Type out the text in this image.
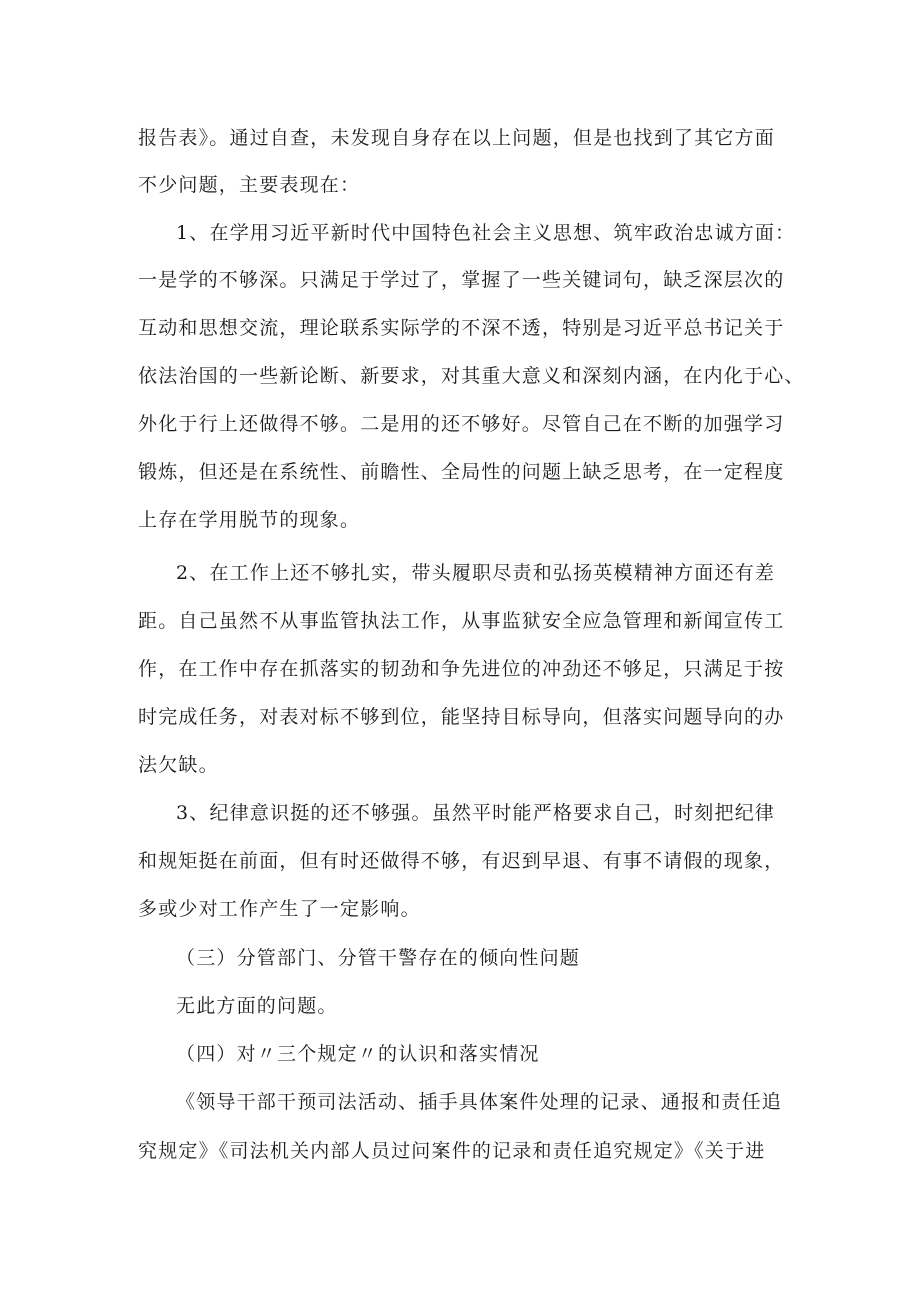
报告表》。通过自查，未发现自身存在以上问题，但是也找到了其它方面
不少问题，主要表现在：
1、在学用习近平新时代中国特色社会主义思想、筑牢政治忠诚方面：
一是学的不够深。只满足于学过了，掌握了一些关键词句，缺乏深层次的
互动和思想交流，理论联系实际学的不深不透，特别是习近平总书记关于
依法治国的一些新论断、新要求，对其重大意义和深刻内涵，在内化于心、
外化于行上还做得不够。二是用的还不够好。尽管自己在不断的加强学习
锻炼，但还是在系统性、前瞻性、全局性的问题上缺乏思考，在一定程度
上存在学用脱节的现象。
2、在工作上还不够扎实，带头履职尽责和弘扬英模精神方面还有差
距。自己虽然不从事监管执法工作，从事监狱安全应急管理和新闻宣传工
作，在工作中存在抓落实的韧劲和争先进位的冲劲还不够足，只满足于按
时完成任务，对表对标不够到位，能坚持目标导向，但落实问题导向的办
法欠缺。
3、纪律意识挺的还不够强。虽然平时能严格要求自己，时刻把纪律
和规矩挺在前面，但有时还做得不够，有迟到早退、有事不请假的现象，
多或少对工作产生了一定影响。
（三）分管部门、分管干警存在的倾向性问题
无此方面的问题。
（四）对〃三个规定〃的认识和落实情况
《领导干部干预司法活动、插手具体案件处理的记录、通报和责任追
究规定》《司法机关内部人员过问案件的记录和责任追究规定》《关于进
